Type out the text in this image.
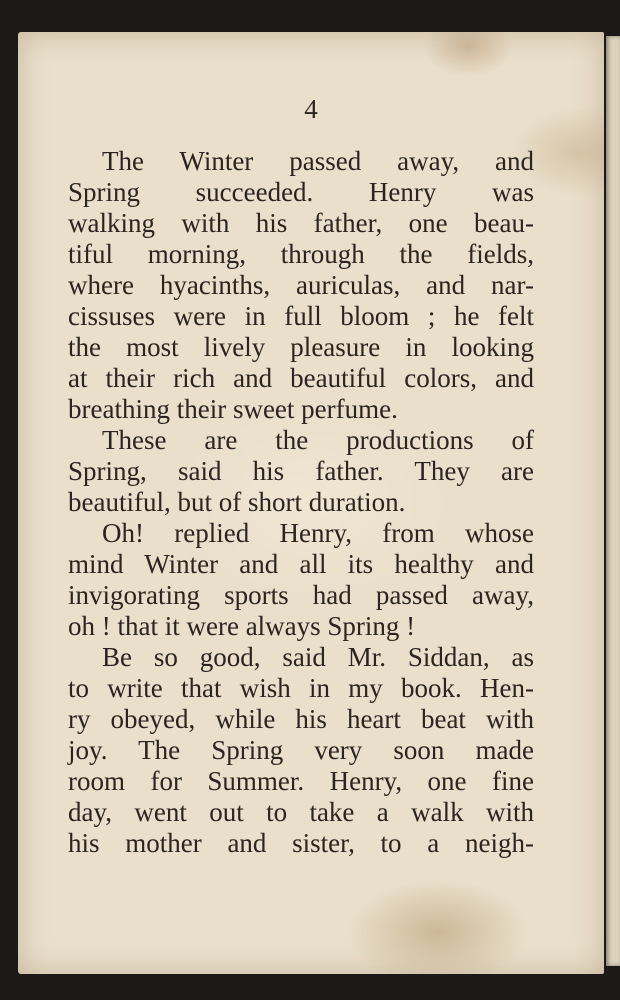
4
The Winter passed away, and
Spring succeeded. Henry was
walking with his father, one beau-
tiful morning, through the fields,
where hyacinths, auriculas, and nar-
cissuses were in full bloom ; he felt
the most lively pleasure in looking
at their rich and beautiful colors, and
breathing their sweet perfume.
These are the productions of
Spring, said his father. They are
beautiful, but of short duration.
Oh! replied Henry, from whose
mind Winter and all its healthy and
invigorating sports had passed away,
oh ! that it were always Spring !
Be so good, said Mr. Siddan, as
to write that wish in my book. Hen-
ry obeyed, while his heart beat with
joy. The Spring very soon made
room for Summer. Henry, one fine
day, went out to take a walk with
his mother and sister, to a neigh-
